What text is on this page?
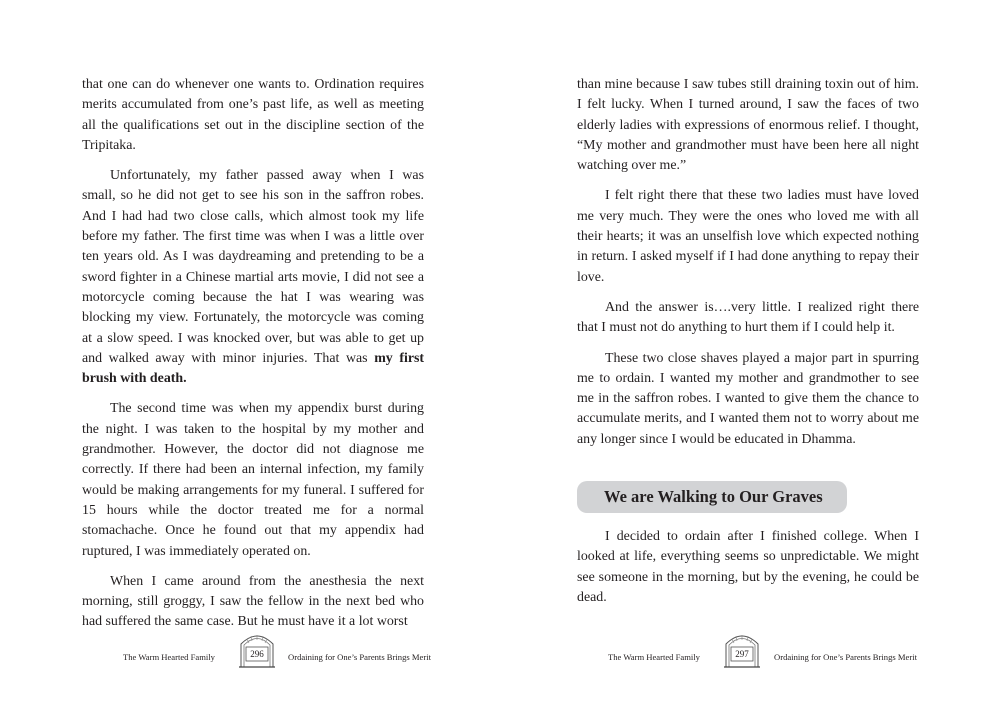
that one can do whenever one wants to. Ordination requires merits accumulated from one’s past life, as well as meeting all the qualifications set out in the discipline section of the Tripitaka.

Unfortunately, my father passed away when I was small, so he did not get to see his son in the saffron robes. And I had had two close calls, which almost took my life before my father. The first time was when I was a little over ten years old. As I was daydreaming and pretending to be a sword fighter in a Chinese martial arts movie, I did not see a motorcycle coming because the hat I was wearing was blocking my view. Fortunately, the motorcycle was coming at a slow speed. I was knocked over, but was able to get up and walked away with minor injuries. That was my first brush with death.

The second time was when my appendix burst during the night. I was taken to the hospital by my mother and grandmother. However, the doctor did not diagnose me correctly. If there had been an internal infection, my family would be making arrangements for my funeral. I suffered for 15 hours while the doctor treated me for a normal stomachache. Once he found out that my appendix had ruptured, I was immediately operated on.

When I came around from the anesthesia the next morning, still groggy, I saw the fellow in the next bed who had suffered the same case. But he must have it a lot worst

The Warm Hearted Family	296	Ordaining for One’s Parents Brings Merit

than mine because I saw tubes still draining toxin out of him. I felt lucky. When I turned around, I saw the faces of two elderly ladies with expressions of enormous relief. I thought, “My mother and grandmother must have been here all night watching over me.”

I felt right there that these two ladies must have loved me very much. They were the ones who loved me with all their hearts; it was an unselfish love which expected nothing in return. I asked myself if I had done anything to repay their love.

And the answer is….very little. I realized right there that I must not do anything to hurt them if I could help it.

These two close shaves played a major part in spurring me to ordain. I wanted my mother and grandmother to see me in the saffron robes. I wanted to give them the chance to accumulate merits, and I wanted them not to worry about me any longer since I would be educated in Dhamma.

We are Walking to Our Graves

I decided to ordain after I finished college. When I looked at life, everything seems so unpredictable. We might see someone in the morning, but by the evening, he could be dead.

The Warm Hearted Family	297	Ordaining for One’s Parents Brings Merit
